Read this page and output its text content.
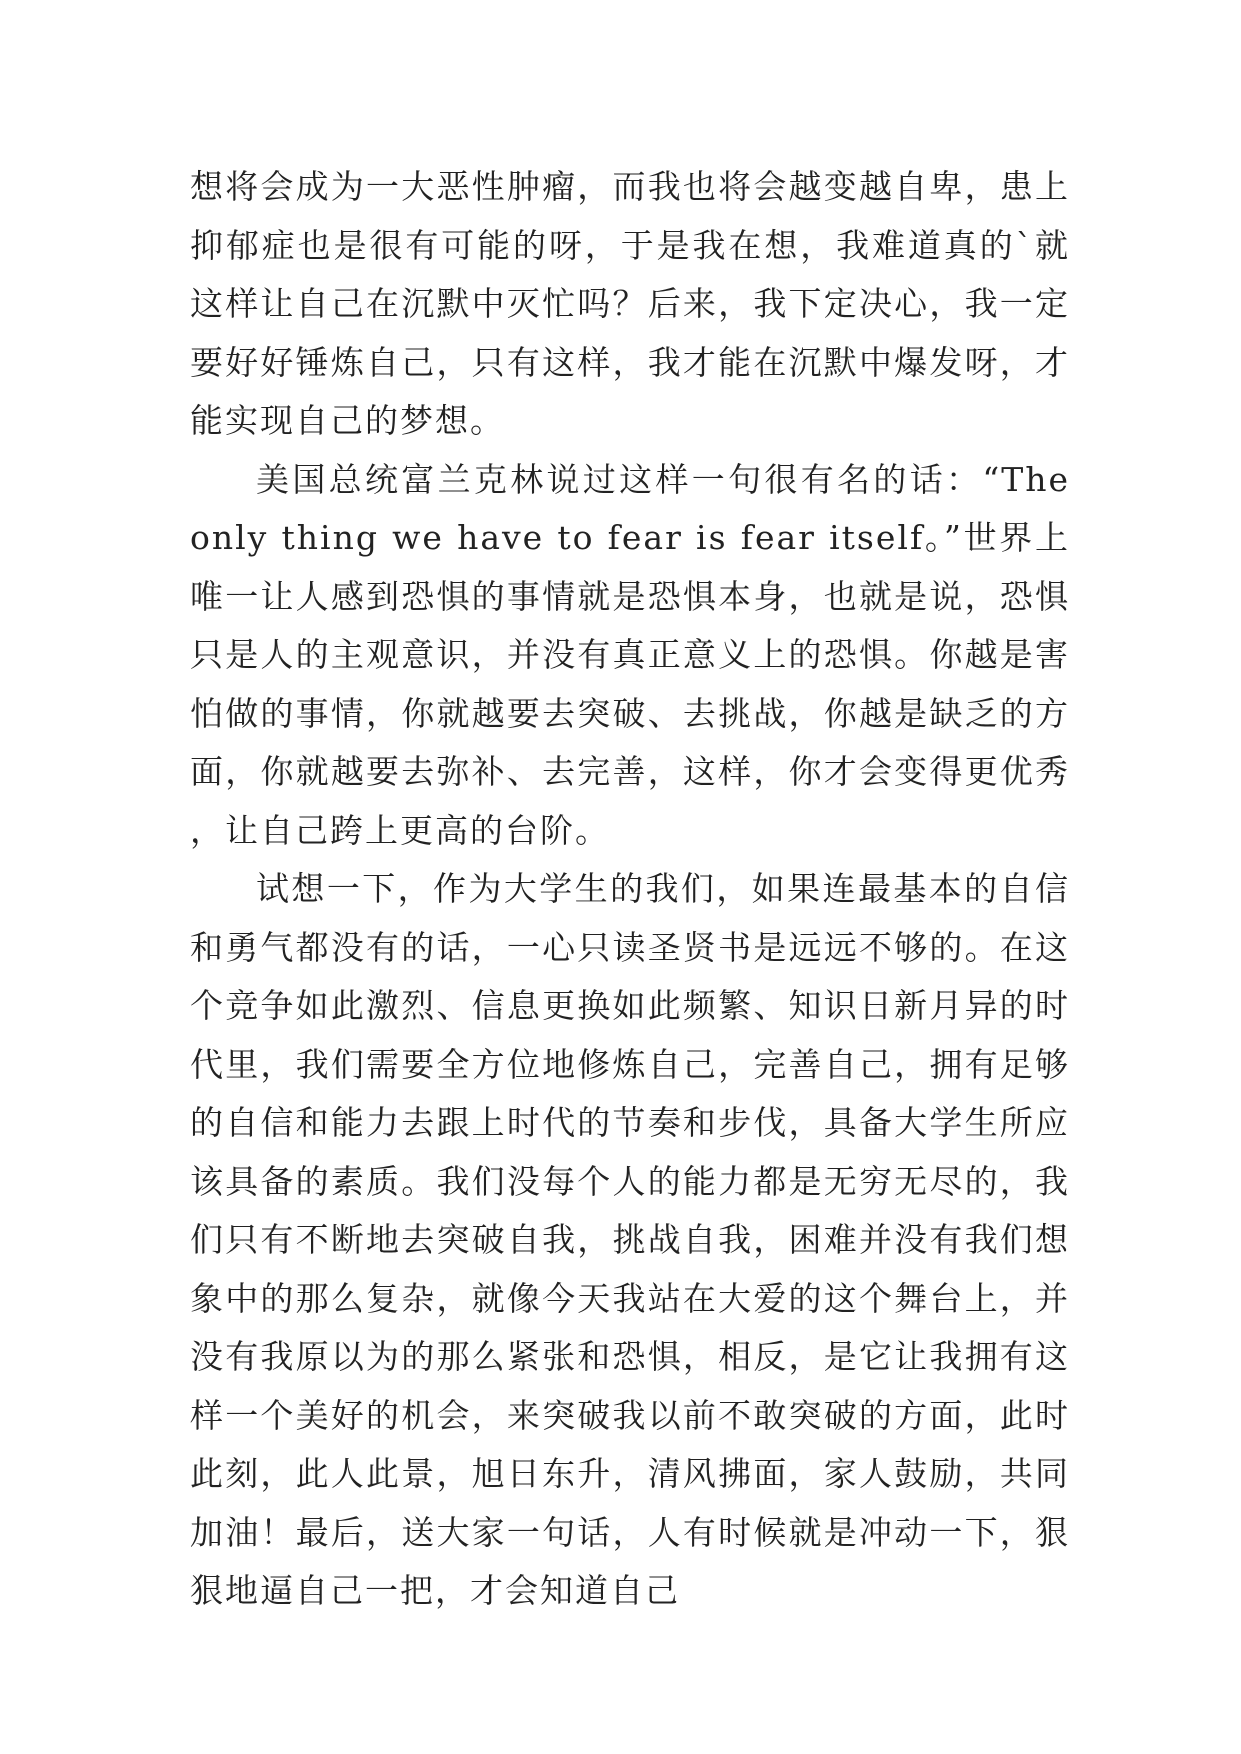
想将会成为一大恶性肿瘤，而我也将会越变越自卑，患上抑郁症也是很有可能的呀，于是我在想，我难道真的`就这样让自己在沉默中灭忙吗？后来，我下定决心，我一定要好好锤炼自己，只有这样，我才能在沉默中爆发呀，才能实现自己的梦想。

美国总统富兰克林说过这样一句很有名的话：“The only thing we have to fear is fear itself。”世界上唯一让人感到恐惧的事情就是恐惧本身，也就是说，恐惧只是人的主观意识，并没有真正意义上的恐惧。你越是害怕做的事情，你就越要去突破、去挑战，你越是缺乏的方面，你就越要去弥补、去完善，这样，你才会变得更优秀，让自己跨上更高的台阶。

试想一下，作为大学生的我们，如果连最基本的自信和勇气都没有的话，一心只读圣贤书是远远不够的。在这个竞争如此激烈、信息更换如此频繁、知识日新月异的时代里，我们需要全方位地修炼自己，完善自己，拥有足够的自信和能力去跟上时代的节奏和步伐，具备大学生所应该具备的素质。我们没每个人的能力都是无穷无尽的，我们只有不断地去突破自我，挑战自我，困难并没有我们想象中的那么复杂，就像今天我站在大爱的这个舞台上，并没有我原以为的那么紧张和恐惧，相反，是它让我拥有这样一个美好的机会，来突破我以前不敢突破的方面，此时此刻，此人此景，旭日东升，清风拂面，家人鼓励，共同加油！最后，送大家一句话，人有时候就是冲动一下，狠狠地逼自己一把，才会知道自己
